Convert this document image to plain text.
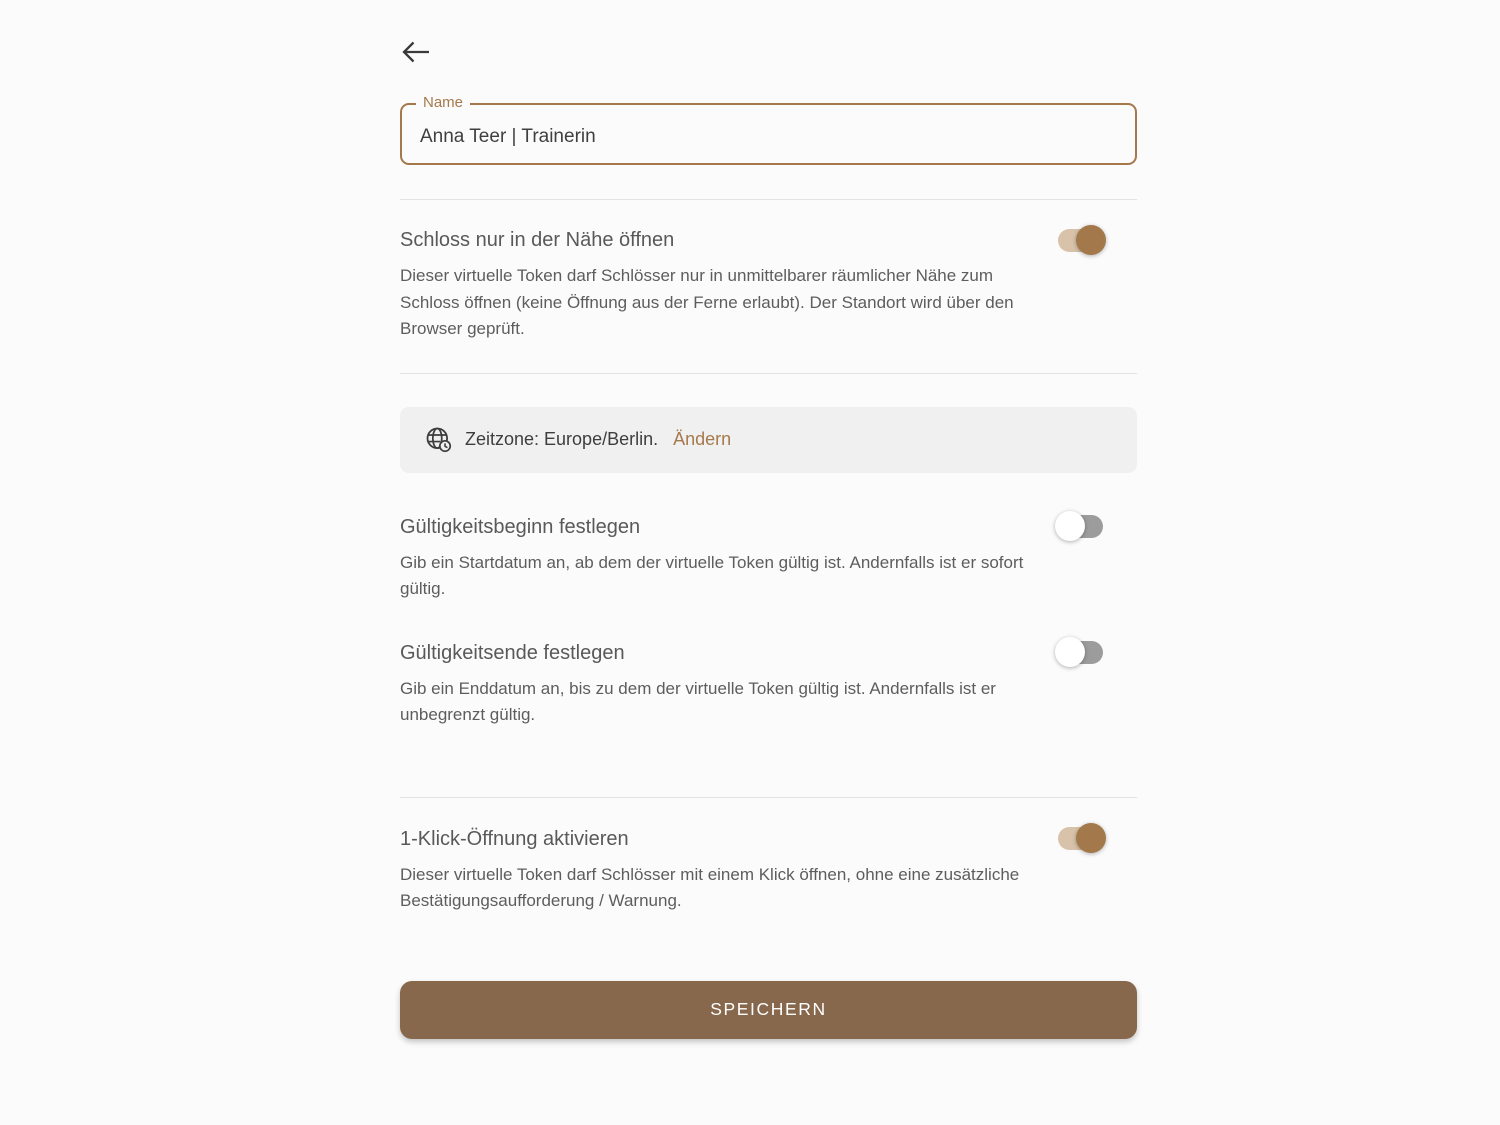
Name
Anna Teer | Trainerin
Schloss nur in der Nähe öffnen

Dieser virtuelle Token darf Schlösser nur in unmittelbarer räumlicher Nähe zum Schloss öffnen (keine Öffnung aus der Ferne erlaubt). Der Standort wird über den Browser geprüft.

Zeitzone: Europe/Berlin. Ändern
Gültigkeitsbeginn festlegen

Gib ein Startdatum an, ab dem der virtuelle Token gültig ist. Andernfalls ist er sofort gültig.

Gültigkeitsende festlegen

Gib ein Enddatum an, bis zu dem der virtuelle Token gültig ist. Andernfalls ist er unbegrenzt gültig.

1-Klick-Öffnung aktivieren

Dieser virtuelle Token darf Schlösser mit einem Klick öffnen, ohne eine zusätzliche Bestätigungsaufforderung / Warnung.

SPEICHERN
